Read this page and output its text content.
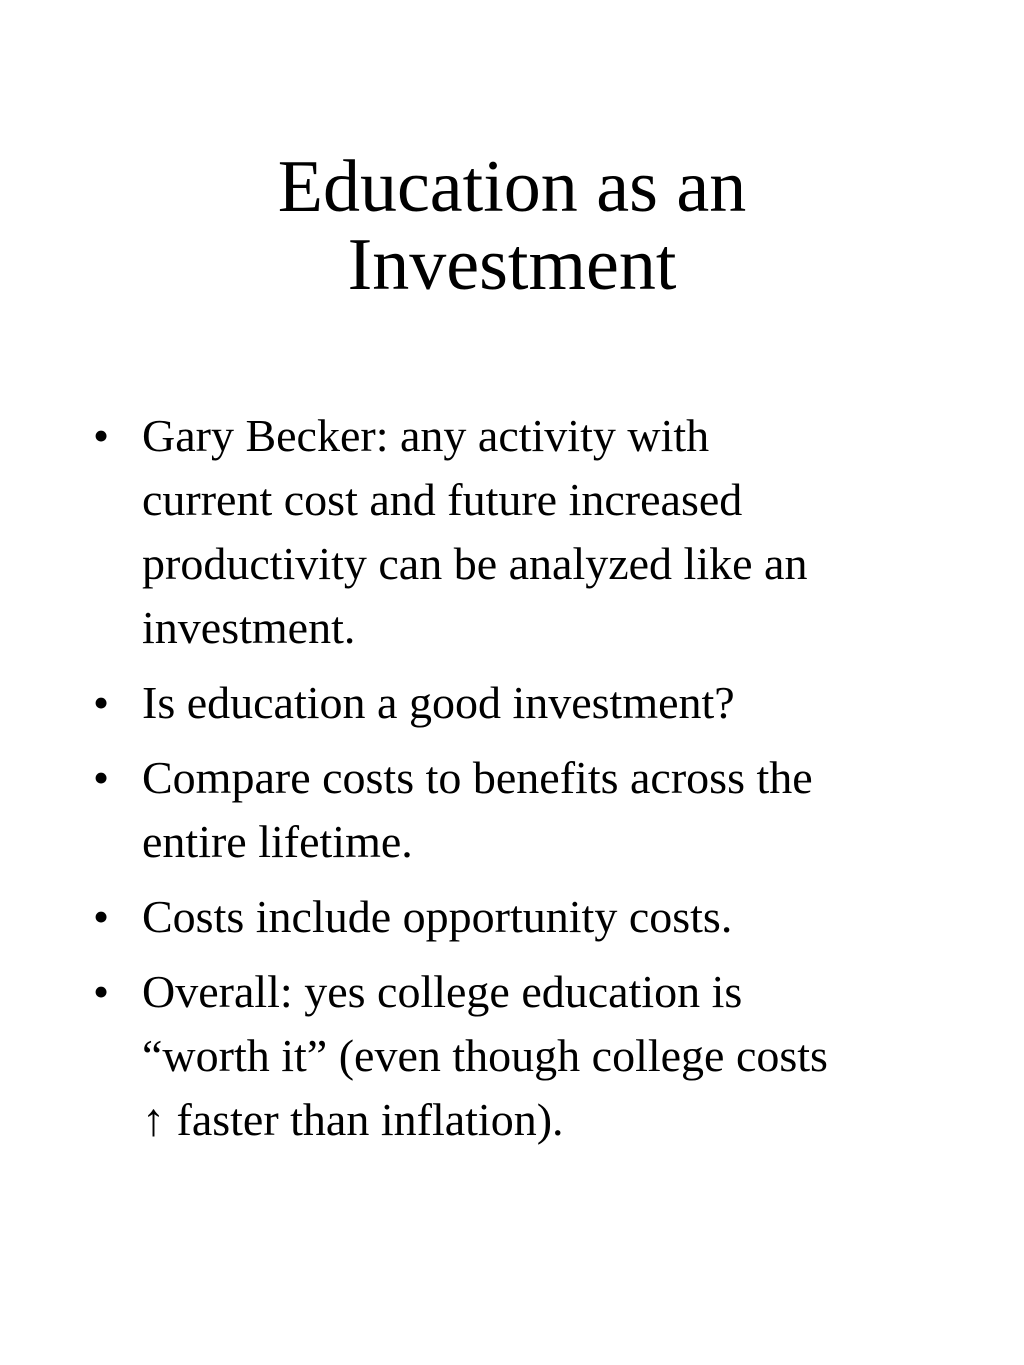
Education as an
Investment
• Gary Becker: any activity with
current cost and future increased
productivity can be analyzed like an
investment.
• Is education a good investment?
• Compare costs to benefits across the
entire lifetime.
• Costs include opportunity costs.
• Overall: yes college education is
“worth it” (even though college costs
↑ faster than inflation).
